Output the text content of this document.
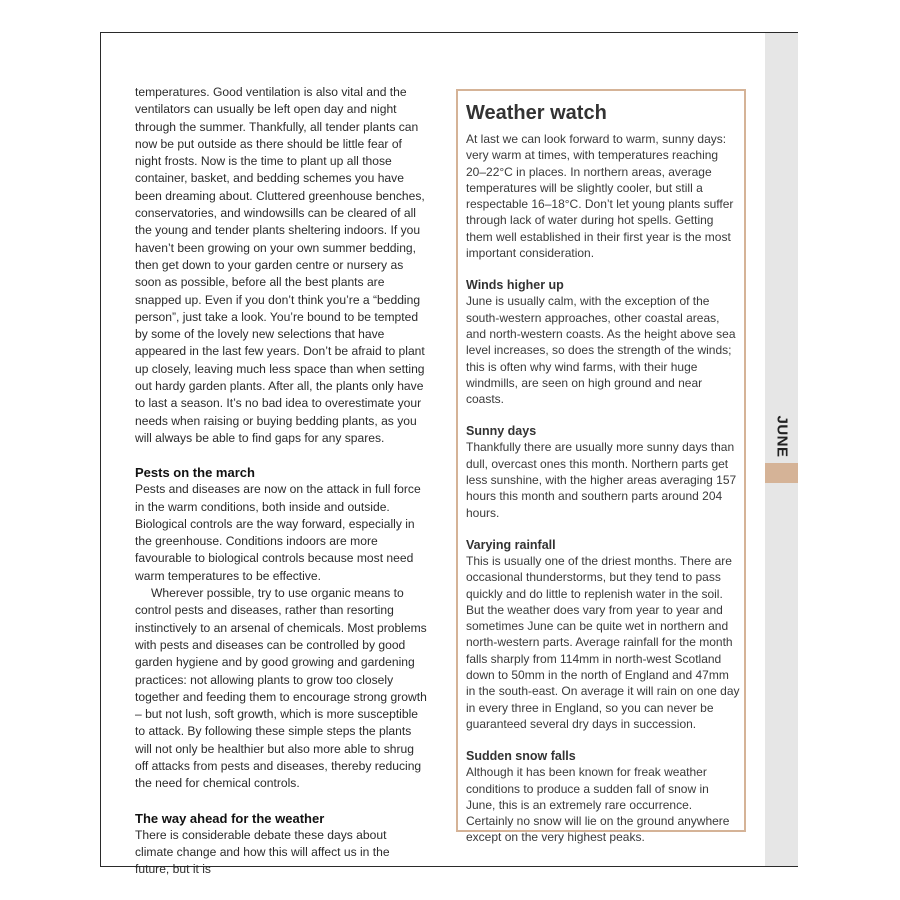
JUNE

temperatures. Good ventilation is also vital and the ventilators can usually be left open day and night through the summer. Thankfully, all tender plants can now be put outside as there should be little fear of night frosts. Now is the time to plant up all those container, basket, and bedding schemes you have been dreaming about. Cluttered greenhouse benches, conservatories, and windowsills can be cleared of all the young and tender plants sheltering indoors. If you haven’t been growing on your own summer bedding, then get down to your garden centre or nursery as soon as possible, before all the best plants are snapped up. Even if you don’t think you’re a “bedding person”, just take a look. You’re bound to be tempted by some of the lovely new selections that have appeared in the last few years. Don’t be afraid to plant up closely, leaving much less space than when setting out hardy garden plants. After all, the plants only have to last a season. It’s no bad idea to overestimate your needs when raising or buying bedding plants, as you will always be able to find gaps for any spares.

Pests on the march

Pests and diseases are now on the attack in full force in the warm conditions, both inside and outside. Biological controls are the way forward, especially in the greenhouse. Conditions indoors are more favourable to biological controls because most need warm temperatures to be effective.

Wherever possible, try to use organic means to control pests and diseases, rather than resorting instinctively to an arsenal of chemicals. Most problems with pests and diseases can be controlled by good garden hygiene and by good growing and gardening practices: not allowing plants to grow too closely together and feeding them to encourage strong growth – but not lush, soft growth, which is more susceptible to attack. By following these simple steps the plants will not only be healthier but also more able to shrug off attacks from pests and diseases, thereby reducing the need for chemical controls.

The way ahead for the weather

There is considerable debate these days about climate change and how this will affect us in the future, but it is

Weather watch

At last we can look forward to warm, sunny days: very warm at times, with temperatures reaching 20–22°C in places. In northern areas, average temperatures will be slightly cooler, but still a respectable 16–18°C. Don’t let young plants suffer through lack of water during hot spells. Getting them well established in their first year is the most important consideration.

Winds higher up

June is usually calm, with the exception of the south-western approaches, other coastal areas, and north-western coasts. As the height above sea level increases, so does the strength of the winds; this is often why wind farms, with their huge windmills, are seen on high ground and near coasts.

Sunny days

Thankfully there are usually more sunny days than dull, overcast ones this month. Northern parts get less sunshine, with the higher areas averaging 157 hours this month and southern parts around 204 hours.

Varying rainfall

This is usually one of the driest months. There are occasional thunderstorms, but they tend to pass quickly and do little to replenish water in the soil. But the weather does vary from year to year and sometimes June can be quite wet in northern and north-western parts. Average rainfall for the month falls sharply from 114mm in north-west Scotland down to 50mm in the north of England and 47mm in the south-east. On average it will rain on one day in every three in England, so you can never be guaranteed several dry days in succession.

Sudden snow falls

Although it has been known for freak weather conditions to produce a sudden fall of snow in June, this is an extremely rare occurrence. Certainly no snow will lie on the ground anywhere except on the very highest peaks.
